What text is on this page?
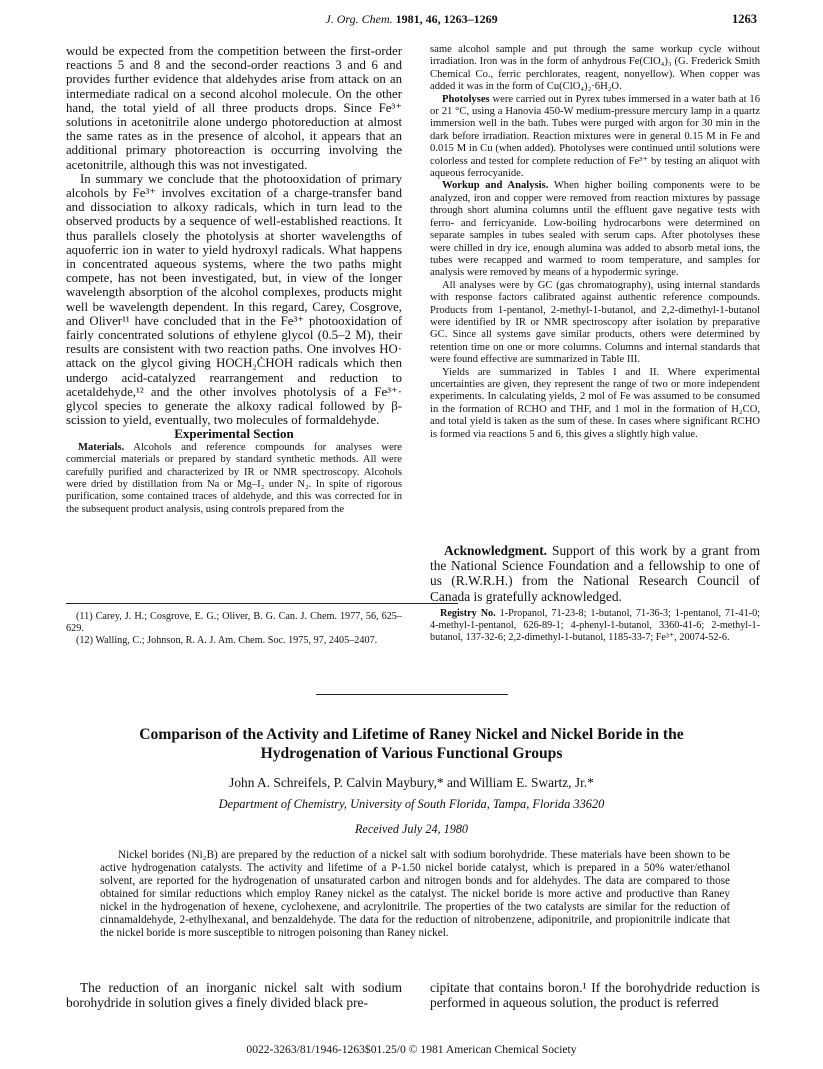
J. Org. Chem. 1981, 46, 1263–1269	1263

would be expected from the competition between the first-order reactions 5 and 8 and the second-order reactions 3 and 6 and provides further evidence that aldehydes arise from attack on an intermediate radical on a second alcohol molecule. On the other hand, the total yield of all three products drops. Since Fe³⁺ solutions in acetonitrile alone undergo photoreduction at almost the same rates as in the presence of alcohol, it appears that an additional primary photoreaction is occurring involving the acetonitrile, although this was not investigated.

In summary we conclude that the photooxidation of primary alcohols by Fe³⁺ involves excitation of a charge-transfer band and dissociation to alkoxy radicals, which in turn lead to the observed products by a sequence of well-established reactions. It thus parallels closely the photolysis at shorter wavelengths of aquoferric ion in water to yield hydroxyl radicals. What happens in concentrated aqueous systems, where the two paths might compete, has not been investigated, but, in view of the longer wavelength absorption of the alcohol complexes, products might well be wavelength dependent. In this regard, Carey, Cosgrove, and Oliver¹¹ have concluded that in the Fe³⁺ photooxidation of fairly concentrated solutions of ethylene glycol (0.5–2 M), their results are consistent with two reaction paths. One involves HO· attack on the glycol giving HOCH₂ĊHOH radicals which then undergo acid-catalyzed rearrangement and reduction to acetaldehyde,¹² and the other involves photolysis of a Fe³⁺· glycol species to generate the alkoxy radical followed by β-scission to yield, eventually, two molecules of formaldehyde.

Experimental Section

Materials. Alcohols and reference compounds for analyses were commercial materials or prepared by standard synthetic methods. All were carefully purified and characterized by IR or NMR spectroscopy. Alcohols were dried by distillation from Na or Mg–I₂ under N₂. In spite of rigorous purification, some contained traces of aldehyde, and this was corrected for in the subsequent product analysis, using controls prepared from the

same alcohol sample and put through the same workup cycle without irradiation. Iron was in the form of anhydrous Fe(ClO₄)₃ (G. Frederick Smith Chemical Co., ferric perchlorates, reagent, nonyellow). When copper was added it was in the form of Cu(ClO₄)₂·6H₂O.

Photolyses were carried out in Pyrex tubes immersed in a water bath at 16 or 21 °C, using a Hanovia 450-W medium-pressure mercury lamp in a quartz immersion well in the bath. Tubes were purged with argon for 30 min in the dark before irradiation. Reaction mixtures were in general 0.15 M in Fe and 0.015 M in Cu (when added). Photolyses were continued until solutions were colorless and tested for complete reduction of Fe³⁺ by testing an aliquot with aqueous ferrocyanide.

Workup and Analysis. When higher boiling components were to be analyzed, iron and copper were removed from reaction mixtures by passage through short alumina columns until the effluent gave negative tests with ferro- and ferricyanide. Low-boiling hydrocarbons were determined on separate samples in tubes sealed with serum caps. After photolyses these were chilled in dry ice, enough alumina was added to absorb metal ions, the tubes were recapped and warmed to room temperature, and samples for analysis were removed by means of a hypodermic syringe.

All analyses were by GC (gas chromatography), using internal standards with response factors calibrated against authentic reference compounds. Products from 1-pentanol, 2-methyl-1-butanol, and 2,2-dimethyl-1-butanol were identified by IR or NMR spectroscopy after isolation by preparative GC. Since all systems gave similar products, others were determined by retention time on one or more columns. Columns and internal standards that were found effective are summarized in Table III.

Yields are summarized in Tables I and II. Where experimental uncertainties are given, they represent the range of two or more independent experiments. In calculating yields, 2 mol of Fe was assumed to be consumed in the formation of RCHO and THF, and 1 mol in the formation of H₂CO, and total yield is taken as the sum of these. In cases where significant RCHO is formed via reactions 5 and 6, this gives a slightly high value.

Acknowledgment. Support of this work by a grant from the National Science Foundation and a fellowship to one of us (R.W.R.H.) from the National Research Council of Canada is gratefully acknowledged.

(11) Carey, J. H.; Cosgrove, E. G.; Oliver, B. G. Can. J. Chem. 1977, 56, 625–629.

(12) Walling, C.; Johnson, R. A. J. Am. Chem. Soc. 1975, 97, 2405–2407.

Registry No. 1-Propanol, 71-23-8; 1-butanol, 71-36-3; 1-pentanol, 71-41-0; 4-methyl-1-pentanol, 626-89-1; 4-phenyl-1-butanol, 3360-41-6; 2-methyl-1-butanol, 137-32-6; 2,2-dimethyl-1-butanol, 1185-33-7; Fe³⁺, 20074-52-6.

Comparison of the Activity and Lifetime of Raney Nickel and Nickel Boride in the Hydrogenation of Various Functional Groups
John A. Schreifels, P. Calvin Maybury,* and William E. Swartz, Jr.*
Department of Chemistry, University of South Florida, Tampa, Florida 33620
Received July 24, 1980

Nickel borides (Ni₂B) are prepared by the reduction of a nickel salt with sodium borohydride. These materials have been shown to be active hydrogenation catalysts. The activity and lifetime of a P-1.50 nickel boride catalyst, which is prepared in a 50% water/ethanol solvent, are reported for the hydrogenation of unsaturated carbon and nitrogen bonds and for aldehydes. The data are compared to those obtained for similar reductions which employ Raney nickel as the catalyst. The nickel boride is more active and productive than Raney nickel in the hydrogenation of hexene, cyclohexene, and acrylonitrile. The properties of the two catalysts are similar for the reduction of cinnamaldehyde, 2-ethylhexanal, and benzaldehyde. The data for the reduction of nitrobenzene, adiponitrile, and propionitrile indicate that the nickel boride is more susceptible to nitrogen poisoning than Raney nickel.

The reduction of an inorganic nickel salt with sodium borohydride in solution gives a finely divided black pre-

cipitate that contains boron.¹ If the borohydride reduction is performed in aqueous solution, the product is referred

0022-3263/81/1946-1263$01.25/0 © 1981 American Chemical Society
